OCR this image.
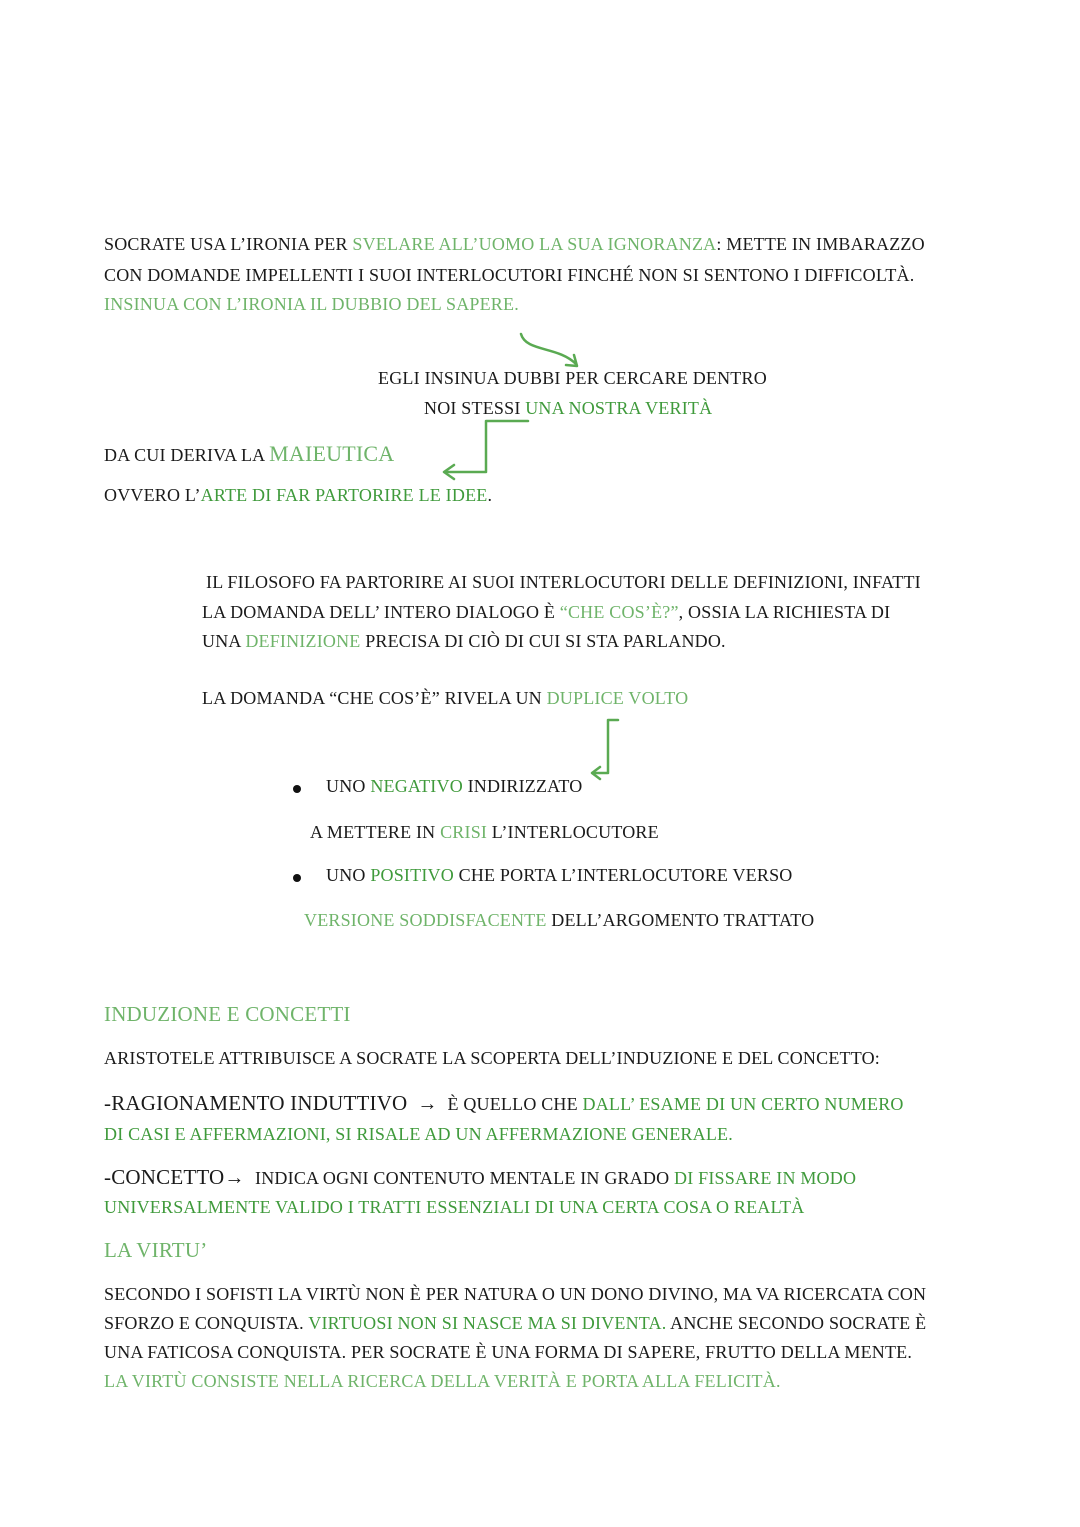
SOCRATE USA L’IRONIA PER SVELARE ALL’UOMO LA SUA IGNORANZA: METTE IN IMBARAZZO
CON DOMANDE IMPELLENTI I SUOI INTERLOCUTORI FINCHÉ NON SI SENTONO I DIFFICOLTÀ.
INSINUA CON L’IRONIA IL DUBBIO DEL SAPERE.
EGLI INSINUA DUBBI PER CERCARE DENTRO
NOI STESSI UNA NOSTRA VERITÀ
DA CUI DERIVA LA MAIEUTICA
OVVERO L’ARTE DI FAR PARTORIRE LE IDEE.
IL FILOSOFO FA PARTORIRE AI SUOI INTERLOCUTORI DELLE DEFINIZIONI, INFATTI
LA DOMANDA DELL’ INTERO DIALOGO È “CHE COS’È?”, OSSIA LA RICHIESTA DI
UNA DEFINIZIONE PRECISA DI CIÒ DI CUI SI STA PARLANDO.
LA DOMANDA “CHE COS’È” RIVELA UN DUPLICE VOLTO
UNO NEGATIVO INDIRIZZATO
A METTERE IN CRISI L’INTERLOCUTORE
UNO POSITIVO CHE PORTA L’INTERLOCUTORE VERSO
VERSIONE SODDISFACENTE DELL’ARGOMENTO TRATTATO
INDUZIONE E CONCETTI
ARISTOTELE ATTRIBUISCE A SOCRATE LA SCOPERTA DELL’INDUZIONE E DEL CONCETTO:
-RAGIONAMENTO INDUTTIVO  →  È QUELLO CHE DALL’ ESAME DI UN CERTO NUMERO
DI CASI E AFFERMAZIONI, SI RISALE AD UN AFFERMAZIONE GENERALE.
-CONCETTO→  INDICA OGNI CONTENUTO MENTALE IN GRADO DI FISSARE IN MODO
UNIVERSALMENTE VALIDO I TRATTI ESSENZIALI DI UNA CERTA COSA O REALTÀ
LA VIRTU’
SECONDO I SOFISTI LA VIRTÙ NON È PER NATURA O UN DONO DIVINO, MA VA RICERCATA CON
SFORZO E CONQUISTA. VIRTUOSI NON SI NASCE MA SI DIVENTA. ANCHE SECONDO SOCRATE È
UNA FATICOSA CONQUISTA. PER SOCRATE È UNA FORMA DI SAPERE, FRUTTO DELLA MENTE.
LA VIRTÙ CONSISTE NELLA RICERCA DELLA VERITÀ E PORTA ALLA FELICITÀ.
